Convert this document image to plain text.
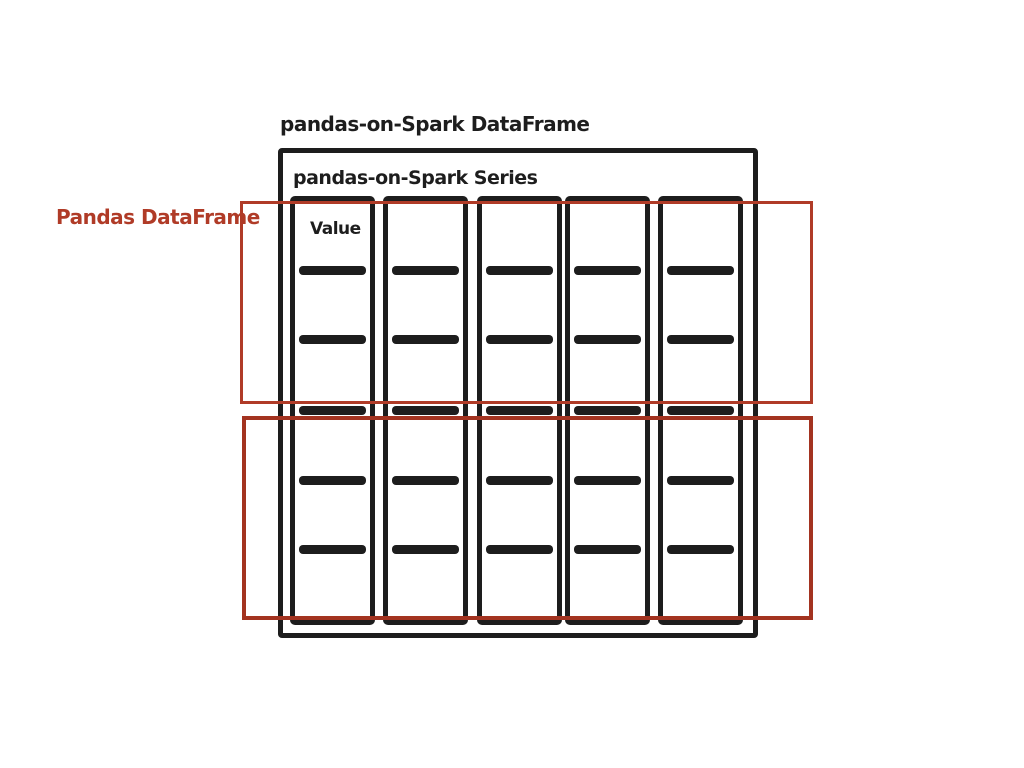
pandas-on-Spark DataFrame
pandas-on-Spark Series
Pandas DataFrame	Value
